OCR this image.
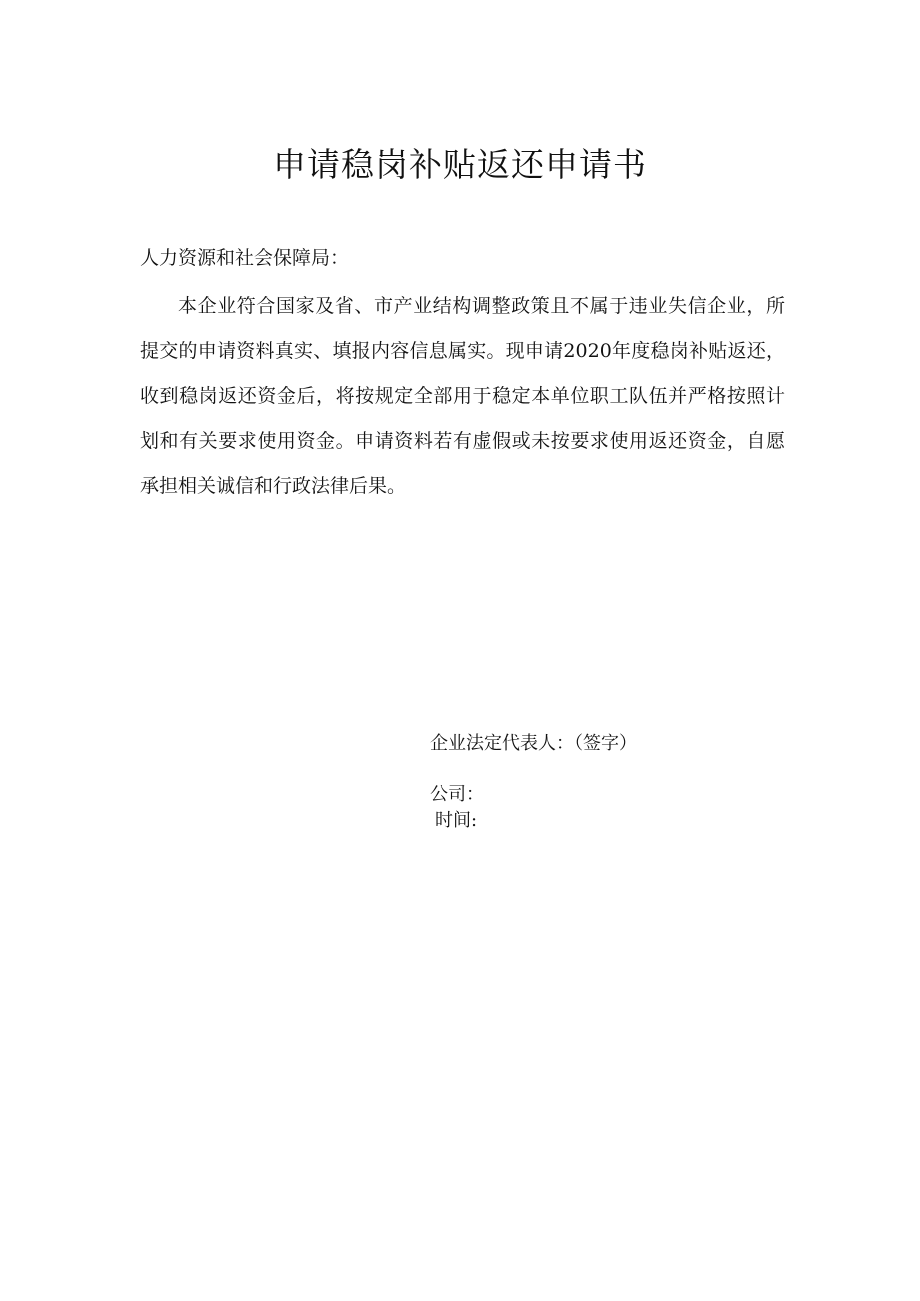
申请稳岗补贴返还申请书

人力资源和社会保障局：

本企业符合国家及省、市产业结构调整政策且不属于违业失信企业，所提交的申请资料真实、填报内容信息属实。现申请2020年度稳岗补贴返还，收到稳岗返还资金后，将按规定全部用于稳定本单位职工队伍并严格按照计划和有关要求使用资金。申请资料若有虚假或未按要求使用返还资金，自愿承担相关诚信和行政法律后果。

企业法定代表人：（签字）

公司：

时间:
